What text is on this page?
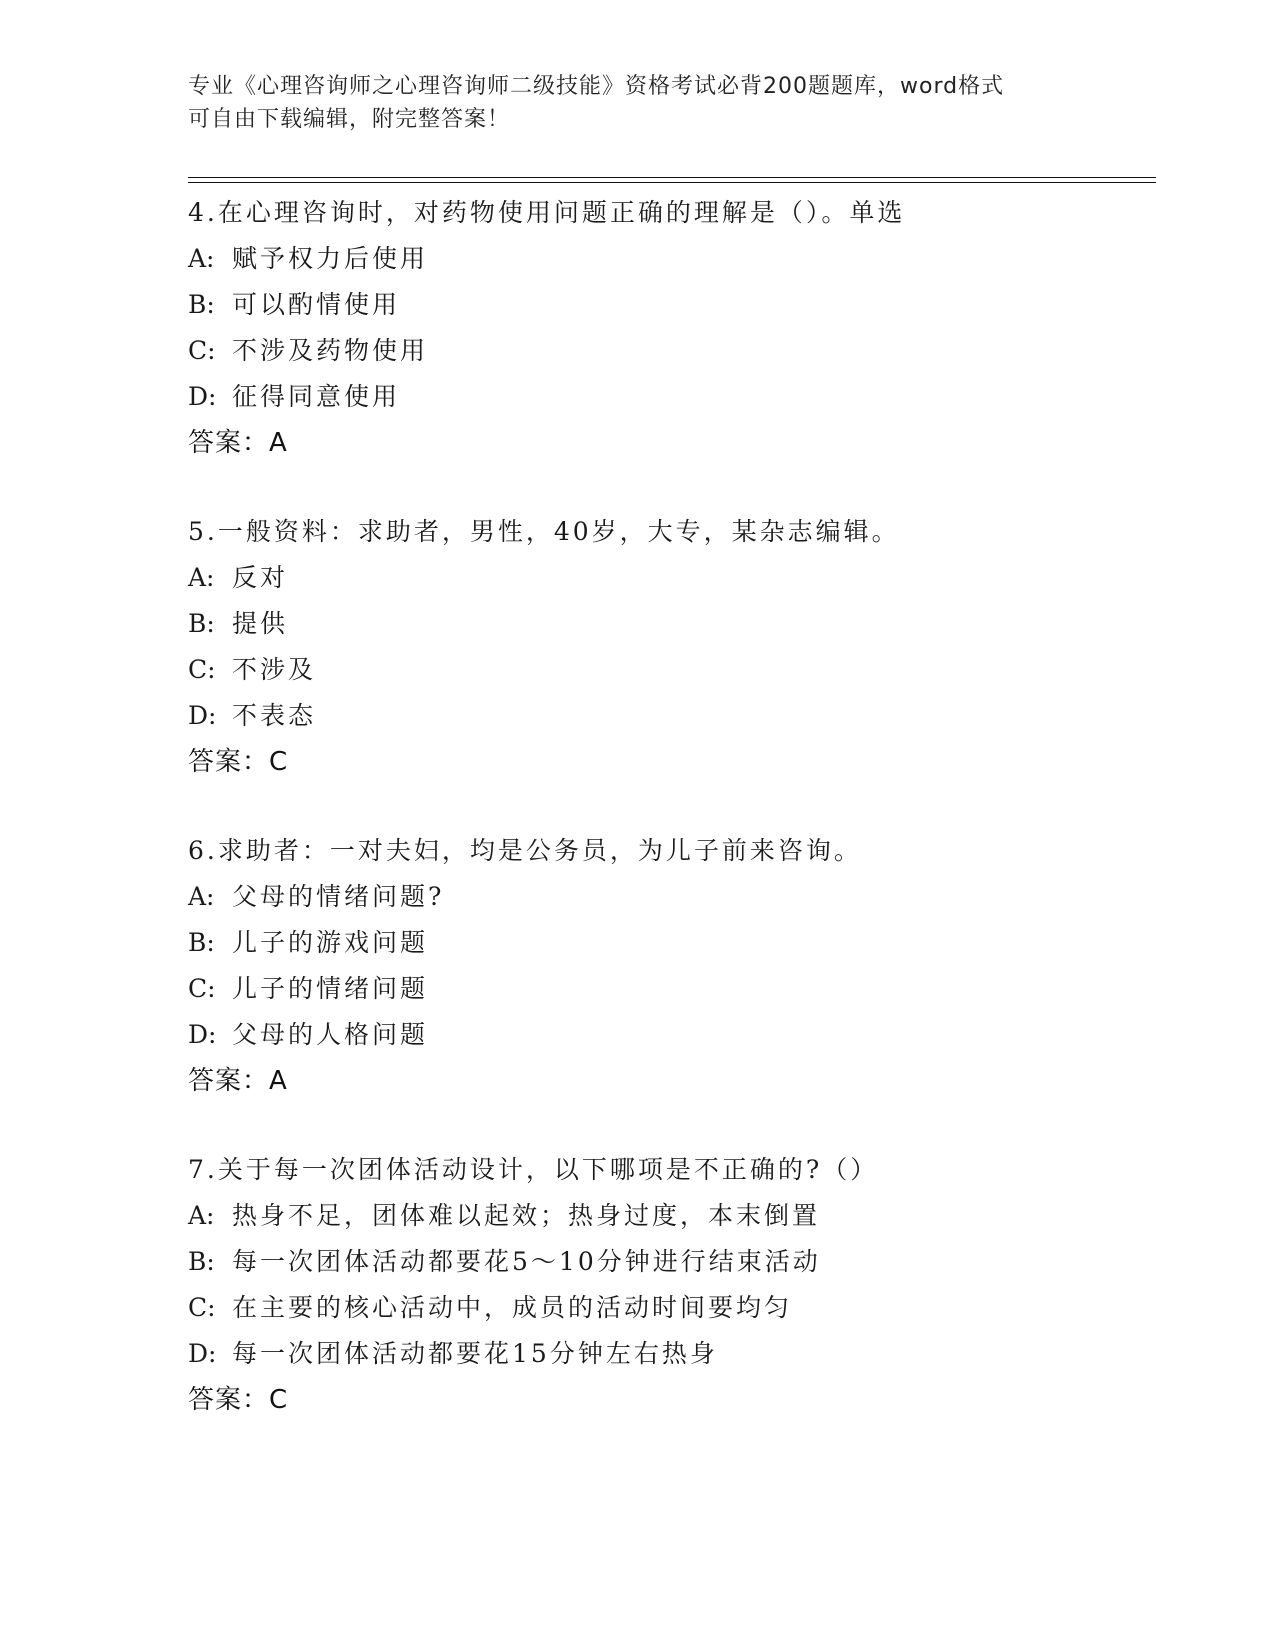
专业《心理咨询师之心理咨询师二级技能》资格考试必背200题题库，word格式
可自由下载编辑，附完整答案！
4.在心理咨询时，对药物使用问题正确的理解是（）。单选
A: 赋予权力后使用
B: 可以酌情使用
C: 不涉及药物使用
D: 征得同意使用
答案：A
5.一般资料：求助者，男性，40岁，大专，某杂志编辑。
A: 反对
B: 提供
C: 不涉及
D: 不表态
答案：C
6.求助者：一对夫妇，均是公务员，为儿子前来咨询。
A: 父母的情绪问题?
B: 儿子的游戏问题
C: 儿子的情绪问题
D: 父母的人格问题
答案：A
7.关于每一次团体活动设计，以下哪项是不正确的?（）
A: 热身不足，团体难以起效；热身过度，本末倒置
B: 每一次团体活动都要花5～10分钟进行结束活动
C: 在主要的核心活动中，成员的活动时间要均匀
D: 每一次团体活动都要花15分钟左右热身
答案：C
